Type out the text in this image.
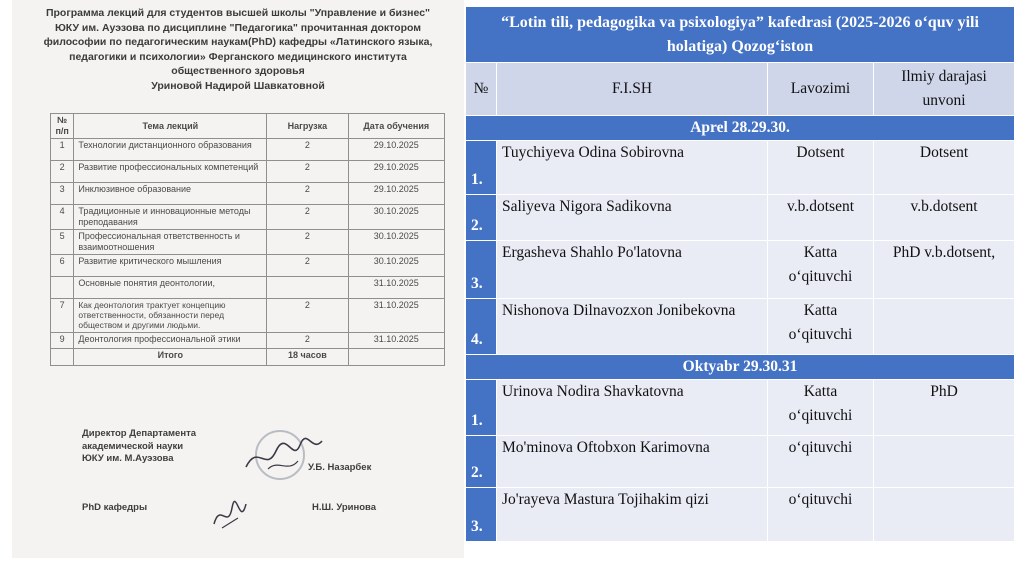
Программа лекций для студентов высшей школы "Управление и бизнес"
ЮКУ им. Ауэзова по дисциплине "Педагогика" прочитанная доктором
философии по педагогическим наукам(PhD) кафедры «Латинского языка,
педагогики и психологии» Ферганского медицинского института
общественного здоровья
Уриновой Надирой Шавкатовной
№ п/п	Тема лекций	Нагрузка	Дата обучения
1	Технологии дистанционного образования	2	29.10.2025
2	Развитие профессиональных компетенций	2	29.10.2025
3	Инклюзивное образование	2	29.10.2025
4	Традиционные и инновационные методы преподавания	2	30.10.2025
5	Профессиональная ответственность и взаимоотношения	2	30.10.2025
6	Развитие критического мышления	2	30.10.2025
	Основные понятия деонтологии,		31.10.2025
7	Как деонтология трактует концепцию ответственности, обязанности перед обществом и другими людьми.	2	31.10.2025
9	Деонтология профессиональной этики	2	31.10.2025
	Итого	18 часов	
Директор Департамента
академической науки
ЮКУ им. М.Ауэзова
У.Б. Назарбек
PhD кафедры	Н.Ш. Уринова
“Lotin tili, pedagogika va psixologiya” kafedrasi (2025-2026 o‘quv yili holatiga) Qozog‘iston			
№	F.I.SH	Lavozimi	Ilmiy darajasi unvoni
Aprel 28.29.30.			
1.	Tuychiyeva Odina Sobirovna	Dotsent	Dotsent
2.	Saliyeva Nigora Sadikovna	v.b.dotsent	v.b.dotsent
3.	Ergasheva Shahlo Po'latovna	Katta o‘qituvchi	PhD v.b.dotsent,
4.	Nishonova Dilnavozxon Jonibekovna	Katta o‘qituvchi	
Oktyabr 29.30.31			
1.	Urinova Nodira Shavkatovna	Katta o‘qituvchi	PhD
2.	Mo'minova Oftobxon Karimovna	o‘qituvchi	
3.	Jo'rayeva Mastura Tojihakim qizi	o‘qituvchi	
